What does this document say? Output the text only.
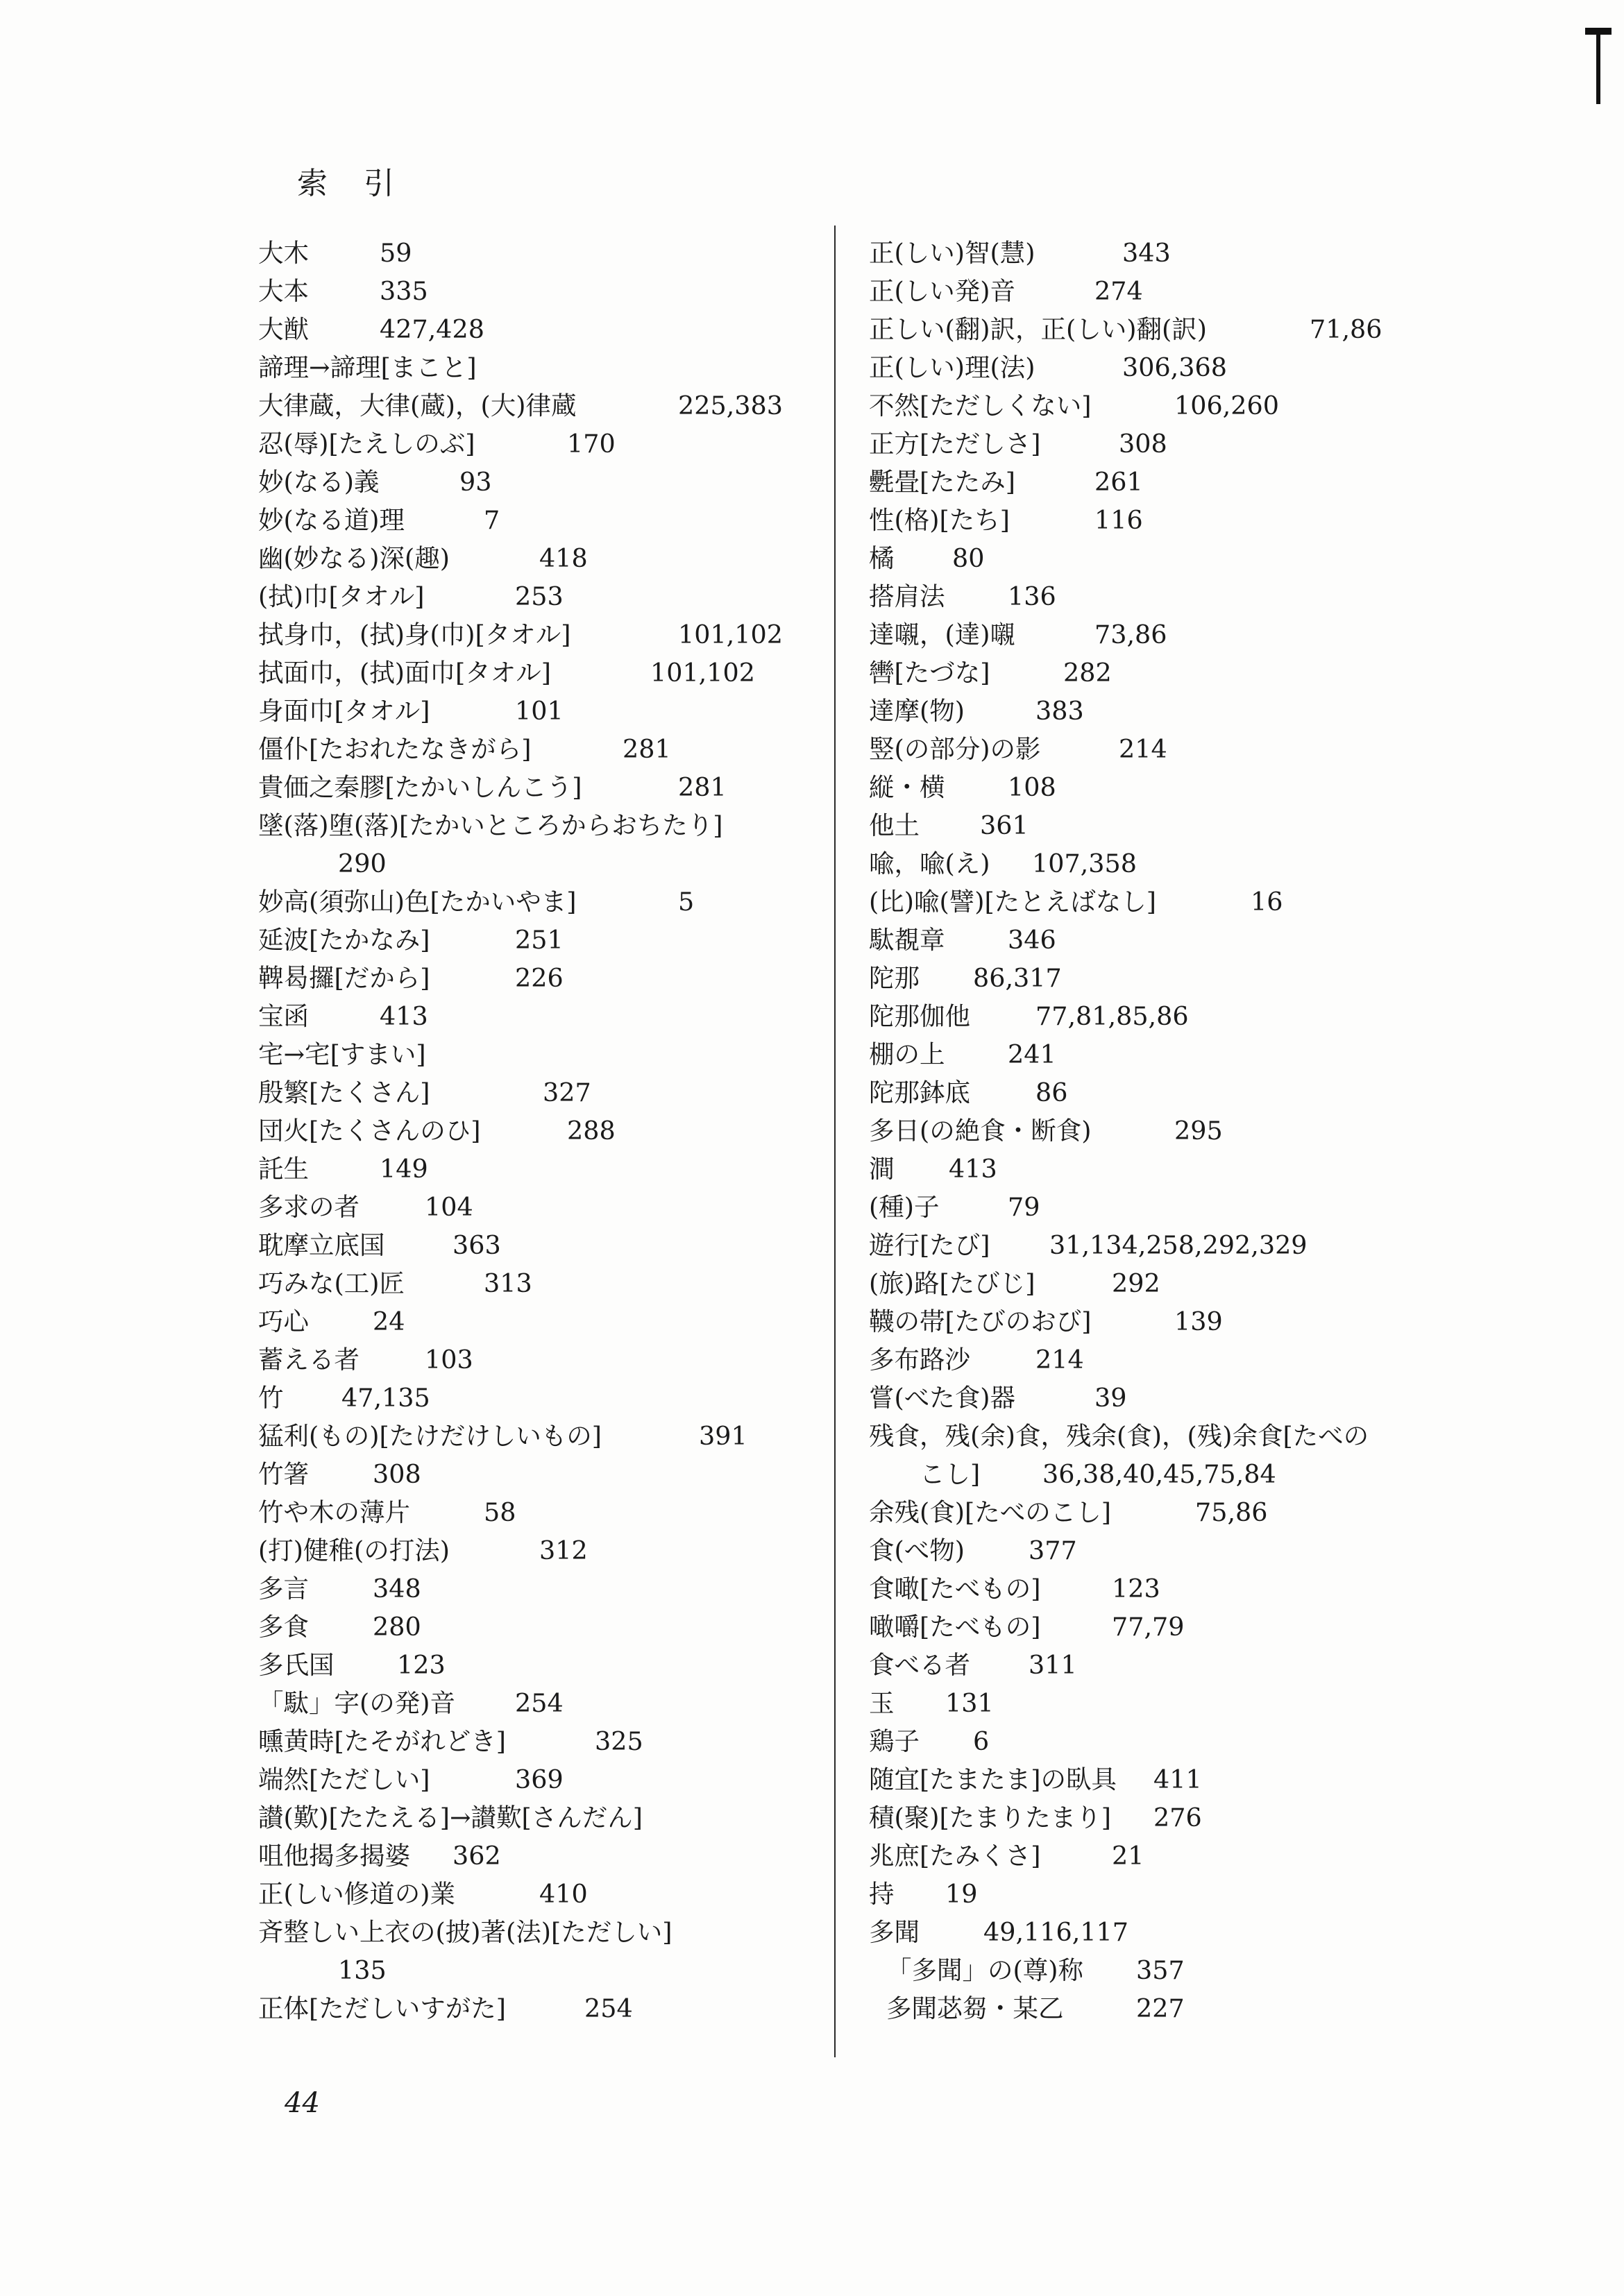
索引
大木	59
大本	335
大猷	427,428
諦理→諦理[まこと]
大律蔵，大律(蔵)，(大)律蔵	225,383
忍(辱)[たえしのぶ]	170
妙(なる)義	93
妙(なる道)理	7
幽(妙なる)深(趣)	418
(拭)巾[タオル]	253
拭身巾，(拭)身(巾)[タオル]	101,102
拭面巾，(拭)面巾[タオル]	101,102
身面巾[タオル]	101
僵仆[たおれたなきがら]	281
貴価之秦膠[たかいしんこう]	281
墜(落)堕(落)[たかいところからおちたり]
290
妙高(須弥山)色[たかいやま]	5
延波[たかなみ]	251
鞞曷攞[だから]	226
宝函	413
宅→宅[すまい]
殷繁[たくさん]	327
団火[たくさんのひ]	288
託生	149
多求の者	104
耽摩立底国	363
巧みな(工)匠	313
巧心	24
蓄える者	103
竹 47,135
猛利(もの)[たけだけしいもの]	391
竹箸	308
竹や木の薄片	58
(打)健稚(の打法)	312
多言	348
多食	280
多氏国 123
「駄」字(の発)音 254
曛黄時[たそがれどき]	325
端然[ただしい]	369
讃(歎)[たたえる]→讃歎[さんだん]
咀他揭多揭婆 362
正(しい修道の)業	410
斉整しい上衣の(披)著(法)[ただしい]
135
正体[ただしいすがた]	254
正(しい)智(慧)	343
正(しい発)音	274
正しい(翻)訳，正(しい)翻(訳)	71,86
正(しい)理(法)	306,368
不然[ただしくない]	106,260
正方[ただしさ]	308
氎畳[たたみ]	261
性(格)[たち]	116
橘 80
搭肩法 136
達嚫，(達)嚫	73,86
轡[たづな]	282
達摩(物)	383
竪(の部分)の影	214
縦・横 108
他土 361
喩，喩(え) 107,358
(比)喩(譬)[たとえばなし]	16
駄覩章 346
陀那 86,317
陀那伽他	77,81,85,86
棚の上 241
陀那鉢底	86
多日(の絶食・断食)	295
澗 413
(種)子	79
遊行[たび] 31,134,258,292,329
(旅)路[たびじ]	292
韈の帯[たびのおび]	139
多布路沙	214
嘗(べた食)器	39
残食，残(余)食，残余(食)，(残)余食[たべの
　　こし] 36,38,40,45,75,84
余残(食)[たべのこし]	75,86
食(べ物)	377
食噉[たべもの]	123
噉嚼[たべもの]	77,79
食べる者 311
玉 131
鶏子 6
随宜[たまたま]の臥具 411
積(聚)[たまりたまり] 276
兆庶[たみくさ]	21
持 19
多聞	49,116,117
「多聞」の(尊)称 357
多聞苾芻・某乙	227
44
